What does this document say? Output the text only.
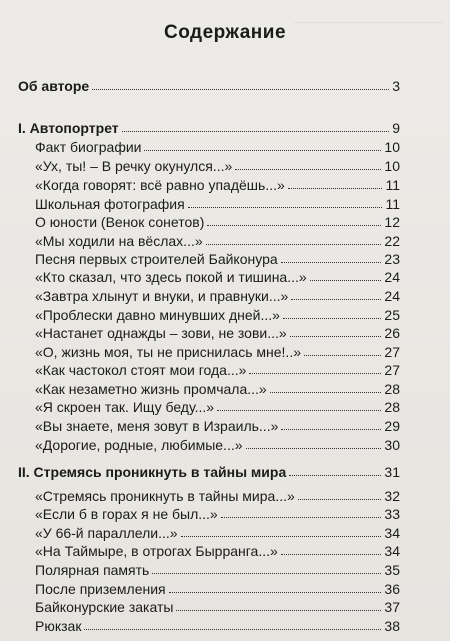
Содержание
Об авторе	3
I. Автопортрет	9
Факт биографии	10
«Ух, ты! – В речку окунулся...»	10
«Когда говорят: всё равно упадёшь...»	11
Школьная фотография	11
О юности (Венок сонетов)	12
«Мы ходили на вёслах...»	22
Песня первых строителей Байконура	23
«Кто сказал, что здесь покой и тишина...»	24
«Завтра хлынут и внуки, и правнуки...»	24
«Проблески давно минувших дней...»	25
«Настанет однажды – зови, не зови...»	26
«О, жизнь моя, ты не приснилась мне!..»	27
«Как частокол стоят мои года...»	27
«Как незаметно жизнь промчала...»	28
«Я скроен так. Ищу беду...»	28
«Вы знаете, меня зовут в Израиль...»	29
«Дорогие, родные, любимые...»	30
II. Стремясь проникнуть в тайны мира	31
«Стремясь проникнуть в тайны мира...»	32
«Если б в горах я не был...»	33
«У 66-й параллели...»	34
«На Таймыре, в отрогах Бырранга...»	34
Полярная память	35
После приземления	36
Байконурские закаты	37
Рюкзак	38
